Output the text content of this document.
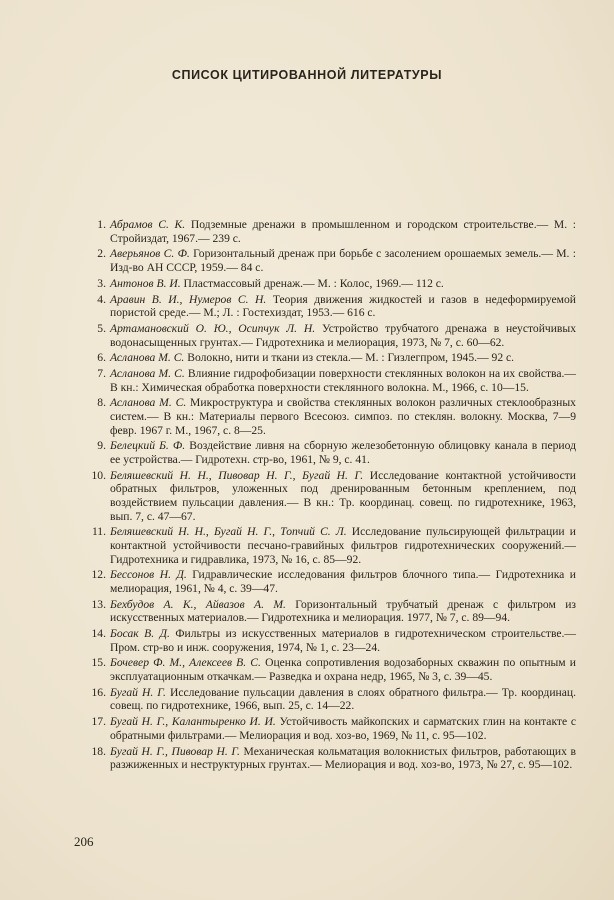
СПИСОК ЦИТИРОВАННОЙ ЛИТЕРАТУРЫ
1. Абрамов С. К. Подземные дренажи в промышленном и городском строительстве.— М. : Стройиздат, 1967.— 239 с.
2. Аверьянов С. Ф. Горизонтальный дренаж при борьбе с засолением орошаемых земель.— М. : Изд-во АН СССР, 1959.— 84 с.
3. Антонов В. И. Пластмассовый дренаж.— М. : Колос, 1969.— 112 с.
4. Аравин В. И., Нумеров С. Н. Теория движения жидкостей и газов в недеформируемой пористой среде.— М.; Л. : Гостехиздат, 1953.— 616 с.
5. Артамановский О. Ю., Осипчук Л. Н. Устройство трубчатого дренажа в неустойчивых водонасыщенных грунтах.— Гидротехника и мелиорация, 1973, № 7, с. 60—62.
6. Асланова М. С. Волокно, нити и ткани из стекла.— М. : Гизлегпром, 1945.— 92 с.
7. Асланова М. С. Влияние гидрофобизации поверхности стеклянных волокон на их свойства.— В кн.: Химическая обработка поверхности стеклянного волокна. М., 1966, с. 10—15.
8. Асланова М. С. Микроструктура и свойства стеклянных волокон различных стеклообразных систем.— В кн.: Материалы первого Всесоюз. симпоз. по стеклян. волокну. Москва, 7—9 февр. 1967 г. М., 1967, с. 8—25.
9. Белецкий Б. Ф. Воздействие ливня на сборную железобетонную облицовку канала в период ее устройства.— Гидротехн. стр-во, 1961, № 9, с. 41.
10. Беляшевский Н. Н., Пивовар Н. Г., Бугай Н. Г. Исследование контактной устойчивости обратных фильтров, уложенных под дренированным бетонным креплением, под воздействием пульсации давления.— В кн.: Тр. координац. совещ. по гидротехнике, 1963, вып. 7, с. 47—67.
11. Беляшевский Н. Н., Бугай Н. Г., Топчий С. Л. Исследование пульсирующей фильтрации и контактной устойчивости песчано-гравийных фильтров гидротехнических сооружений.— Гидротехника и гидравлика, 1973, № 16, с. 85—92.
12. Бессонов Н. Д. Гидравлические исследования фильтров блочного типа.— Гидротехника и мелиорация, 1961, № 4, с. 39—47.
13. Бехбудов А. К., Айвазов А. М. Горизонтальный трубчатый дренаж с фильтром из искусственных материалов.— Гидротехника и мелиорация. 1977, № 7, с. 89—94.
14. Босак В. Д. Фильтры из искусственных материалов в гидротехническом строительстве.— Пром. стр-во и инж. сооружения, 1974, № 1, с. 23—24.
15. Бочевер Ф. М., Алексеев В. С. Оценка сопротивления водозаборных скважин по опытным и эксплуатационным откачкам.— Разведка и охрана недр, 1965, № 3, с. 39—45.
16. Бугай Н. Г. Исследование пульсации давления в слоях обратного фильтра.— Тр. координац. совещ. по гидротехнике, 1966, вып. 25, с. 14—22.
17. Бугай Н. Г., Калантыренко И. И. Устойчивость майкопских и сарматских глин на контакте с обратными фильтрами.— Мелиорация и вод. хоз-во, 1969, № 11, с. 95—102.
18. Бугай Н. Г., Пивовар Н. Г. Механическая кольматация волокнистых фильтров, работающих в разжиженных и неструктурных грунтах.— Мелиорация и вод. хоз-во, 1973, № 27, с. 95—102.
206
